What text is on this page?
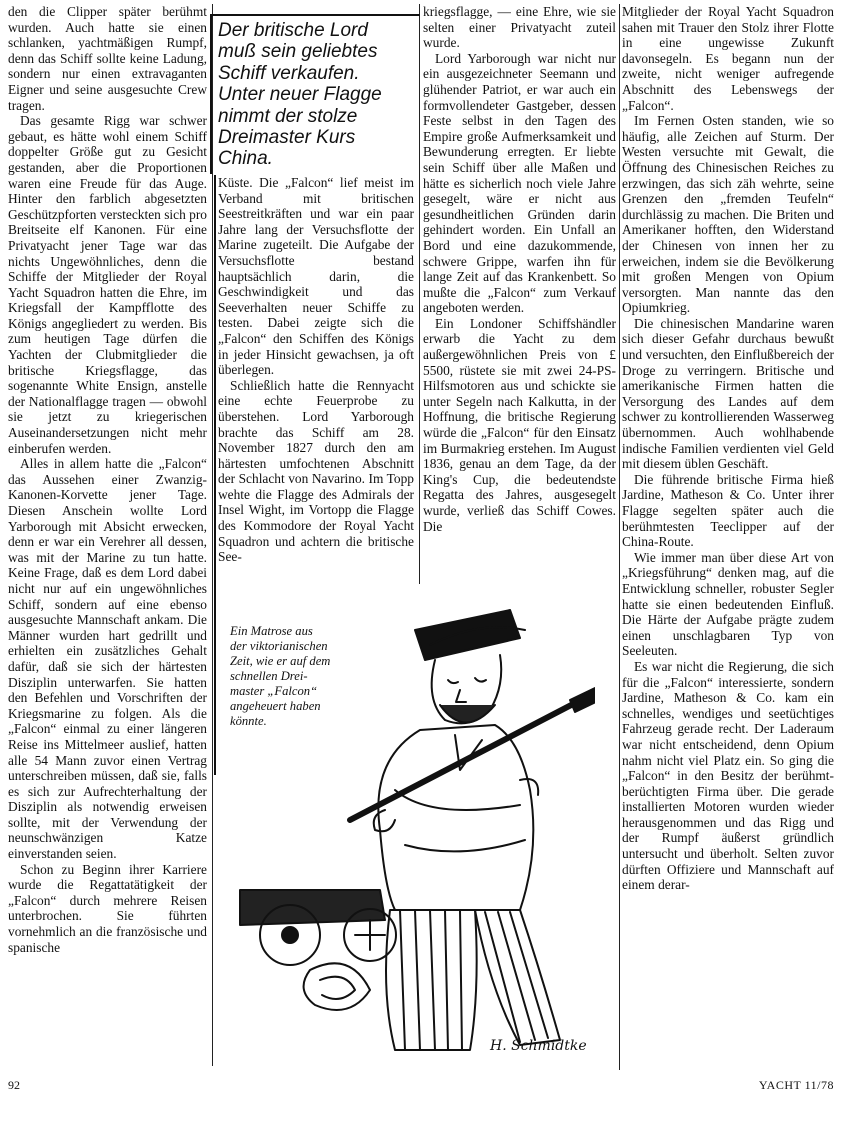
den die Clipper später berühmt wurden. Auch hatte sie einen schlanken, yachtmäßigen Rumpf, denn das Schiff sollte keine Ladung, sondern nur einen extravaganten Eigner und seine ausgesuchte Crew tragen.

Das gesamte Rigg war schwer gebaut, es hätte wohl einem Schiff doppelter Größe gut zu Gesicht gestanden, aber die Proportionen waren eine Freude für das Auge. Hinter den farblich abgesetzten Geschützpforten versteckten sich pro Breitseite elf Kanonen. Für eine Privatyacht jener Tage war das nichts Ungewöhnliches, denn die Schiffe der Mitglieder der Royal Yacht Squadron hatten die Ehre, im Kriegsfall der Kampfflotte des Königs angegliedert zu werden. Bis zum heutigen Tage dürfen die Yachten der Clubmitglieder die britische Kriegsflagge, das sogenannte White Ensign, anstelle der Nationalflagge tragen — obwohl sie jetzt zu kriegerischen Auseinandersetzungen nicht mehr einberufen werden.

Alles in allem hatte die „Falcon“ das Aussehen einer Zwanzig-Kanonen-Korvette jener Tage. Diesen Anschein wollte Lord Yarborough mit Absicht erwecken, denn er war ein Verehrer all dessen, was mit der Marine zu tun hatte. Keine Frage, daß es dem Lord dabei nicht nur auf ein ungewöhnliches Schiff, sondern auf eine ebenso ausgesuchte Mannschaft ankam. Die Männer wurden hart gedrillt und erhielten ein zusätzliches Gehalt dafür, daß sie sich der härtesten Disziplin unterwarfen. Sie hatten den Befehlen und Vorschriften der Kriegsmarine zu folgen. Als die „Falcon“ einmal zu einer längeren Reise ins Mittelmeer auslief, hatten alle 54 Mann zuvor einen Vertrag unterschreiben müssen, daß sie, falls es sich zur Aufrechterhaltung der Disziplin als notwendig erweisen sollte, mit der Verwendung der neunschwänzigen Katze einverstanden seien.

Schon zu Beginn ihrer Karriere wurde die Regattatätigkeit der „Falcon“ durch mehrere Reisen unterbrochen. Sie führten vornehmlich an die französische und spanische

Der britische Lord
muß sein geliebtes
Schiff verkaufen.
Unter neuer Flagge
nimmt der stolze
Dreimaster Kurs
China.

Küste. Die „Falcon“ lief meist im Verband mit britischen Seestreitkräften und war ein paar Jahre lang der Versuchsflotte der Marine zugeteilt. Die Aufgabe der Versuchsflotte bestand hauptsächlich darin, die Geschwindigkeit und das Seeverhalten neuer Schiffe zu testen. Dabei zeigte sich die „Falcon“ den Schiffen des Königs in jeder Hinsicht gewachsen, ja oft überlegen.

Schließlich hatte die Rennyacht eine echte Feuerprobe zu überstehen. Lord Yarborough brachte das Schiff am 28. November 1827 durch den am härtesten umfochtenen Abschnitt der Schlacht von Navarino. Im Topp wehte die Flagge des Admirals der Insel Wight, im Vortopp die Flagge des Kommodore der Royal Yacht Squadron und achtern die britische See-

kriegsflagge, — eine Ehre, wie sie selten einer Privatyacht zuteil wurde.

Lord Yarborough war nicht nur ein ausgezeichneter Seemann und glühender Patriot, er war auch ein formvollendeter Gastgeber, dessen Feste selbst in den Tagen des Empire große Aufmerksamkeit und Bewunderung erregten. Er liebte sein Schiff über alle Maßen und hätte es sicherlich noch viele Jahre gesegelt, wäre er nicht aus gesundheitlichen Gründen darin gehindert worden. Ein Unfall an Bord und eine dazukommende, schwere Grippe, warfen ihn für lange Zeit auf das Krankenbett. So mußte die „Falcon“ zum Verkauf angeboten werden.

Ein Londoner Schiffshändler erwarb die Yacht zu dem außergewöhnlichen Preis von £ 5500, rüstete sie mit zwei 24-PS-Hilfsmotoren aus und schickte sie unter Segeln nach Kalkutta, in der Hoffnung, die britische Regierung würde die „Falcon“ für den Einsatz im Burmakrieg erstehen. Im August 1836, genau an dem Tage, da der King's Cup, die bedeutendste Regatta des Jahres, ausgesegelt wurde, verließ das Schiff Cowes. Die

Mitglieder der Royal Yacht Squadron sahen mit Trauer den Stolz ihrer Flotte in eine ungewisse Zukunft davonsegeln. Es begann nun der zweite, nicht weniger aufregende Abschnitt des Lebenswegs der „Falcon“.

Im Fernen Osten standen, wie so häufig, alle Zeichen auf Sturm. Der Westen versuchte mit Gewalt, die Öffnung des Chinesischen Reiches zu erzwingen, das sich zäh wehrte, seine Grenzen den „fremden Teufeln“ durchlässig zu machen. Die Briten und Amerikaner hofften, den Widerstand der Chinesen von innen her zu erweichen, indem sie die Bevölkerung mit großen Mengen von Opium versorgten. Man nannte das den Opiumkrieg.

Die chinesischen Mandarine waren sich dieser Gefahr durchaus bewußt und versuchten, den Einflußbereich der Droge zu verringern. Britische und amerikanische Firmen hatten die Versorgung des Landes auf dem schwer zu kontrollierenden Wasserweg übernommen. Auch wohlhabende indische Familien verdienten viel Geld mit diesem üblen Geschäft.

Die führende britische Firma hieß Jardine, Matheson & Co. Unter ihrer Flagge segelten später auch die berühmtesten Teeclipper auf der China-Route.

Wie immer man über diese Art von „Kriegsführung“ denken mag, auf die Entwicklung schneller, robuster Segler hatte sie einen bedeutenden Einfluß. Die Härte der Aufgabe prägte zudem einen unschlagbaren Typ von Seeleuten.

Es war nicht die Regierung, die sich für die „Falcon“ interessierte, sondern Jardine, Matheson & Co. kam ein schnelles, wendiges und seetüchtiges Fahrzeug gerade recht. Der Laderaum war nicht entscheidend, denn Opium nahm nicht viel Platz ein. So ging die „Falcon“ in den Besitz der berühmt-berüchtigten Firma über. Die gerade installierten Motoren wurden wieder herausgenommen und das Rigg und der Rumpf äußerst gründlich untersucht und überholt. Selten zuvor dürften Offiziere und Mannschaft auf einem derar-

H. Schmidtke
Ein Matrose aus
der viktorianischen
Zeit, wie er auf dem
schnellen Drei-
master „Falcon“
angeheuert haben
könnte.
92	YACHT 11/78
